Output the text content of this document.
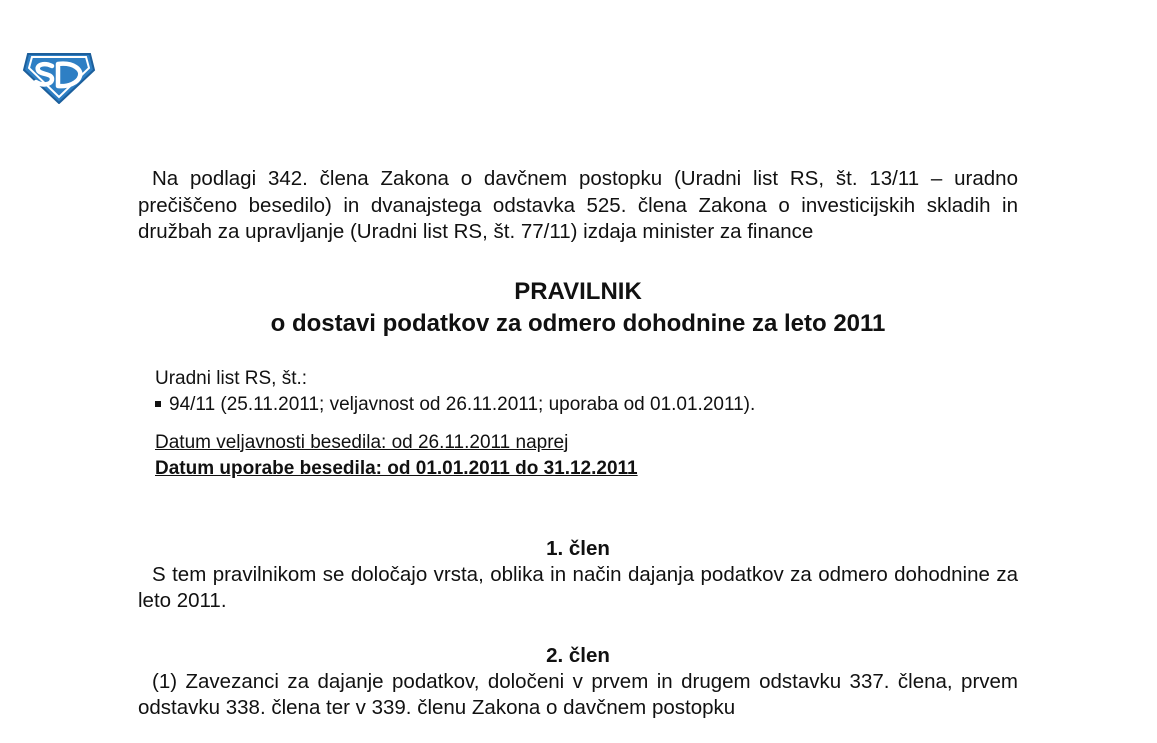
Na podlagi 342. člena Zakona o davčnem postopku (Uradni list RS, št. 13/11 – uradno prečiščeno besedilo) in dvanajstega odstavka 525. člena Zakona o investicijskih skladih in družbah za upravljanje (Uradni list RS, št. 77/11) izdaja minister za finance

PRAVILNIK

o dostavi podatkov za odmero dohodnine za leto 2011

Uradni list RS, št.:

94/11 (25.11.2011; veljavnost od 26.11.2011; uporaba od 01.01.2011).

Datum veljavnosti besedila: od 26.11.2011 naprej

Datum uporabe besedila: od 01.01.2011 do 31.12.2011

1. člen

S tem pravilnikom se določajo vrsta, oblika in način dajanja podatkov za odmero dohodnine za leto 2011.

2. člen

(1) Zavezanci za dajanje podatkov, določeni v prvem in drugem odstavku 337. člena, prvem odstavku 338. člena ter v 339. členu Zakona o davčnem postopku
